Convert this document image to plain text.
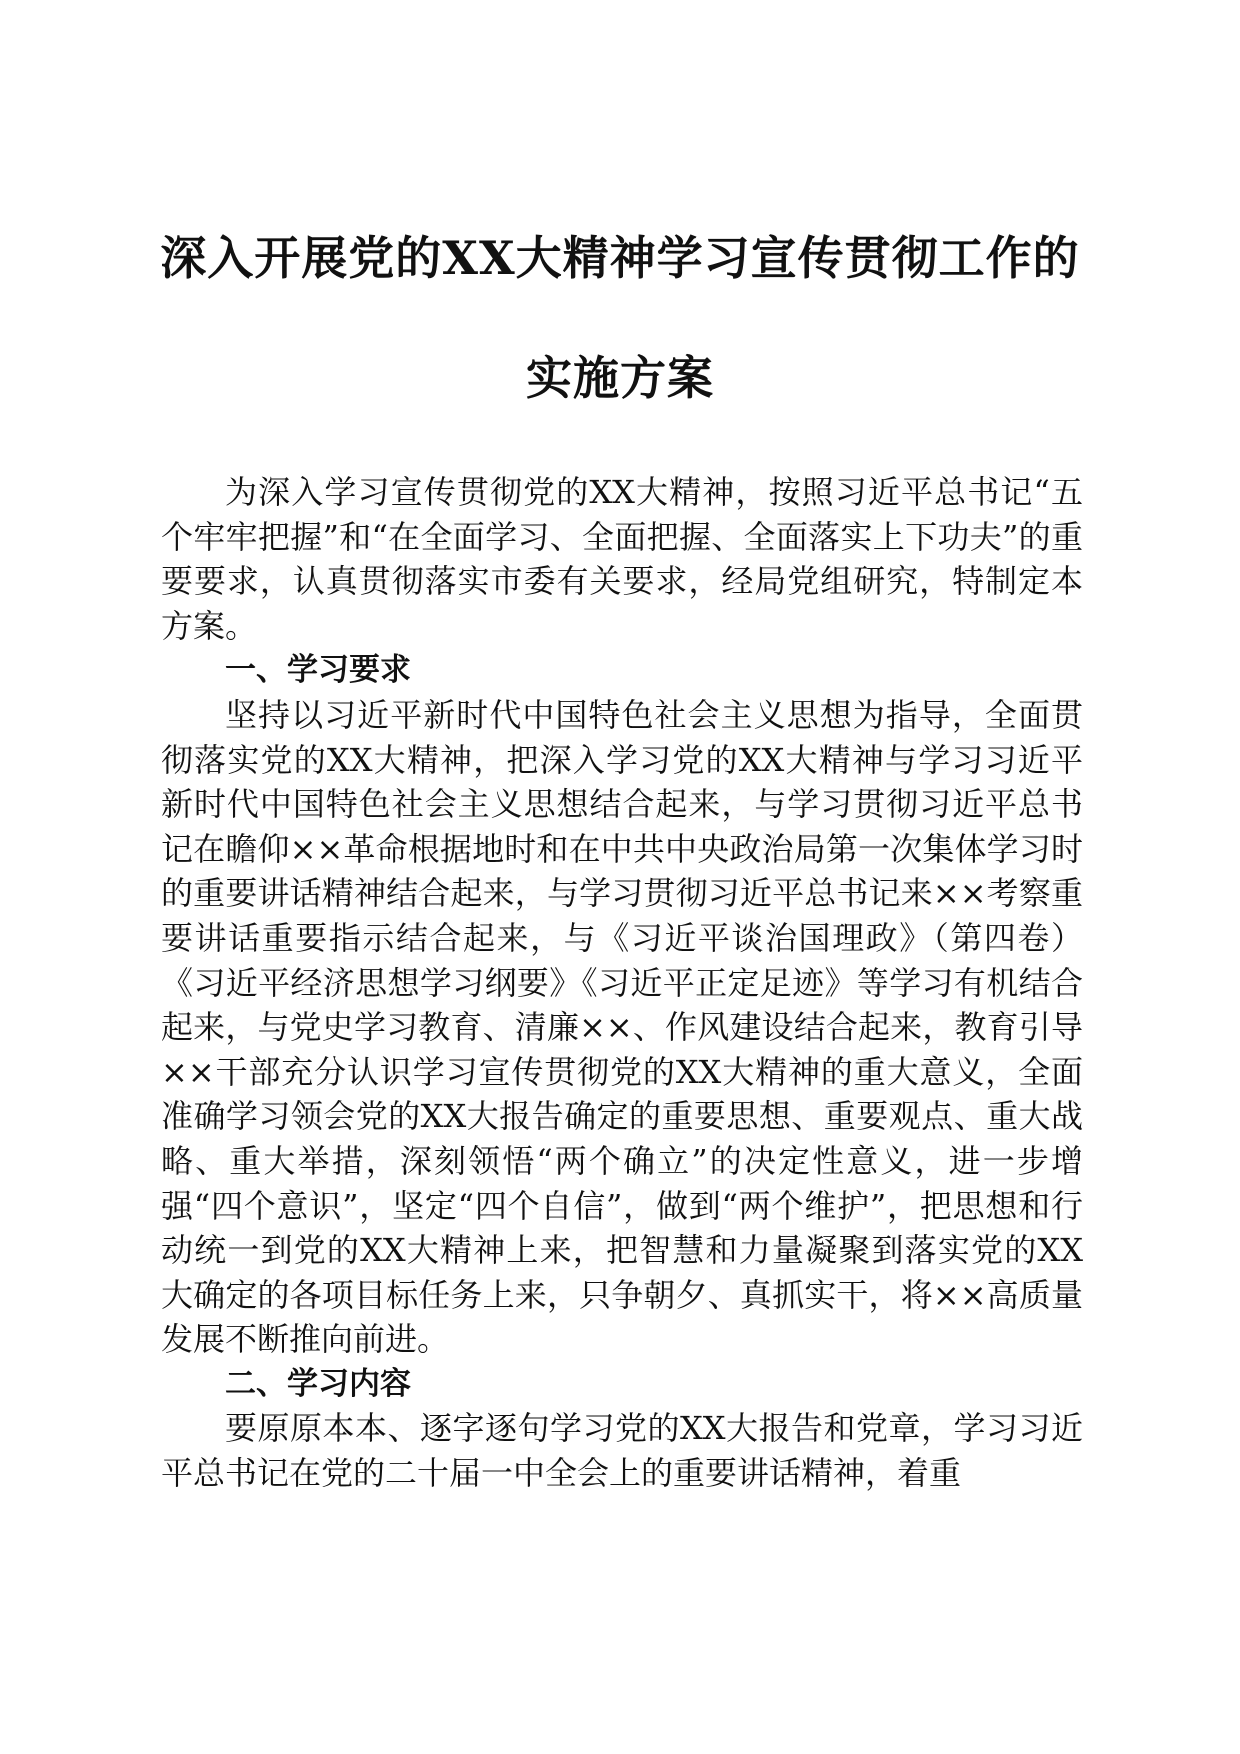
深入开展党的XX大精神学习宣传贯彻工作的
实施方案

为深入学习宣传贯彻党的XX大精神，按照习近平总书记“五个牢牢把握”和“在全面学习、全面把握、全面落实上下功夫”的重要要求，认真贯彻落实市委有关要求，经局党组研究，特制定本方案。

一、学习要求

坚持以习近平新时代中国特色社会主义思想为指导，全面贯彻落实党的XX大精神，把深入学习党的XX大精神与学习习近平新时代中国特色社会主义思想结合起来，与学习贯彻习近平总书记在瞻仰××革命根据地时和在中共中央政治局第一次集体学习时的重要讲话精神结合起来，与学习贯彻习近平总书记来××考察重要讲话重要指示结合起来，与《习近平谈治国理政》（第四卷）《习近平经济思想学习纲要》《习近平正定足迹》等学习有机结合起来，与党史学习教育、清廉××、作风建设结合起来，教育引导××干部充分认识学习宣传贯彻党的XX大精神的重大意义，全面准确学习领会党的XX大报告确定的重要思想、重要观点、重大战略、重大举措，深刻领悟“两个确立”的决定性意义，进一步增强“四个意识”，坚定“四个自信”，做到“两个维护”，把思想和行动统一到党的XX大精神上来，把智慧和力量凝聚到落实党的XX大确定的各项目标任务上来，只争朝夕、真抓实干，将××高质量发展不断推向前进。

二、学习内容

要原原本本、逐字逐句学习党的XX大报告和党章，学习习近平总书记在党的二十届一中全会上的重要讲话精神，着重
